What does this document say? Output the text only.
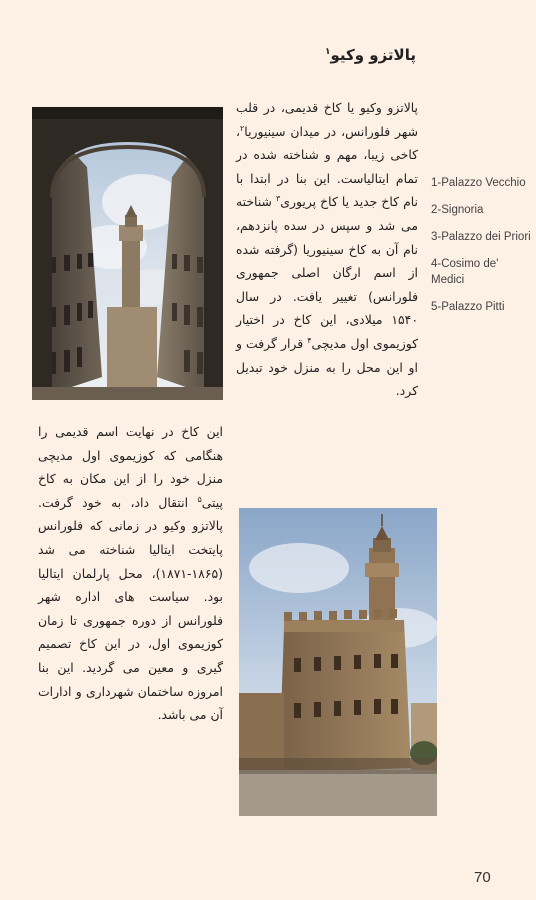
پالاتزو وکیو$^۱$
پالاتزو وکیو یا کاخ قدیمی، در قلب شهر فلورانس، در میدان سینیوریا$^۲$، کاخی زیبا، مهم و شناخته شده در تمام ایتالیاست. این بنا در ابتدا با نام کاخ جدید یا کاخ پریوری$^۳$ شناخته می شد و سپس در سده پانزدهم، نام آن به کاخ سینیوریا (گرفته شده از اسم ارگان اصلی جمهوری فلورانس) تغییر یافت. در سال ۱۵۴۰ میلادی، این کاخ در اختیار کوزیموی اول مدیچی$^۴$ قرار گرفت و او این محل را به منزل خود تبدیل کرد.
1-Palazzo Vecchio
2-Signoria
3-Palazzo dei Priori
4-Cosimo de' Medici
5-Palazzo Pitti
این کاخ در نهایت اسم قدیمی را هنگامی که کوزیموی اول مدیچی منزل خود را از این مکان به کاخ پیتی$^۵$ انتقال داد، به خود گرفت. پالاتزو وکیو در زمانی که فلورانس پایتخت ایتالیا شناخته می شد (۱۸۶۵-۱۸۷۱)، محل پارلمان ایتالیا بود. سیاست های اداره شهر فلورانس از دوره جمهوری تا زمان کوزیموی اول، در این کاخ تصمیم گیری و معین می گردید. این بنا امروزه ساختمان شهرداری و ادارات آن می باشد.
70
